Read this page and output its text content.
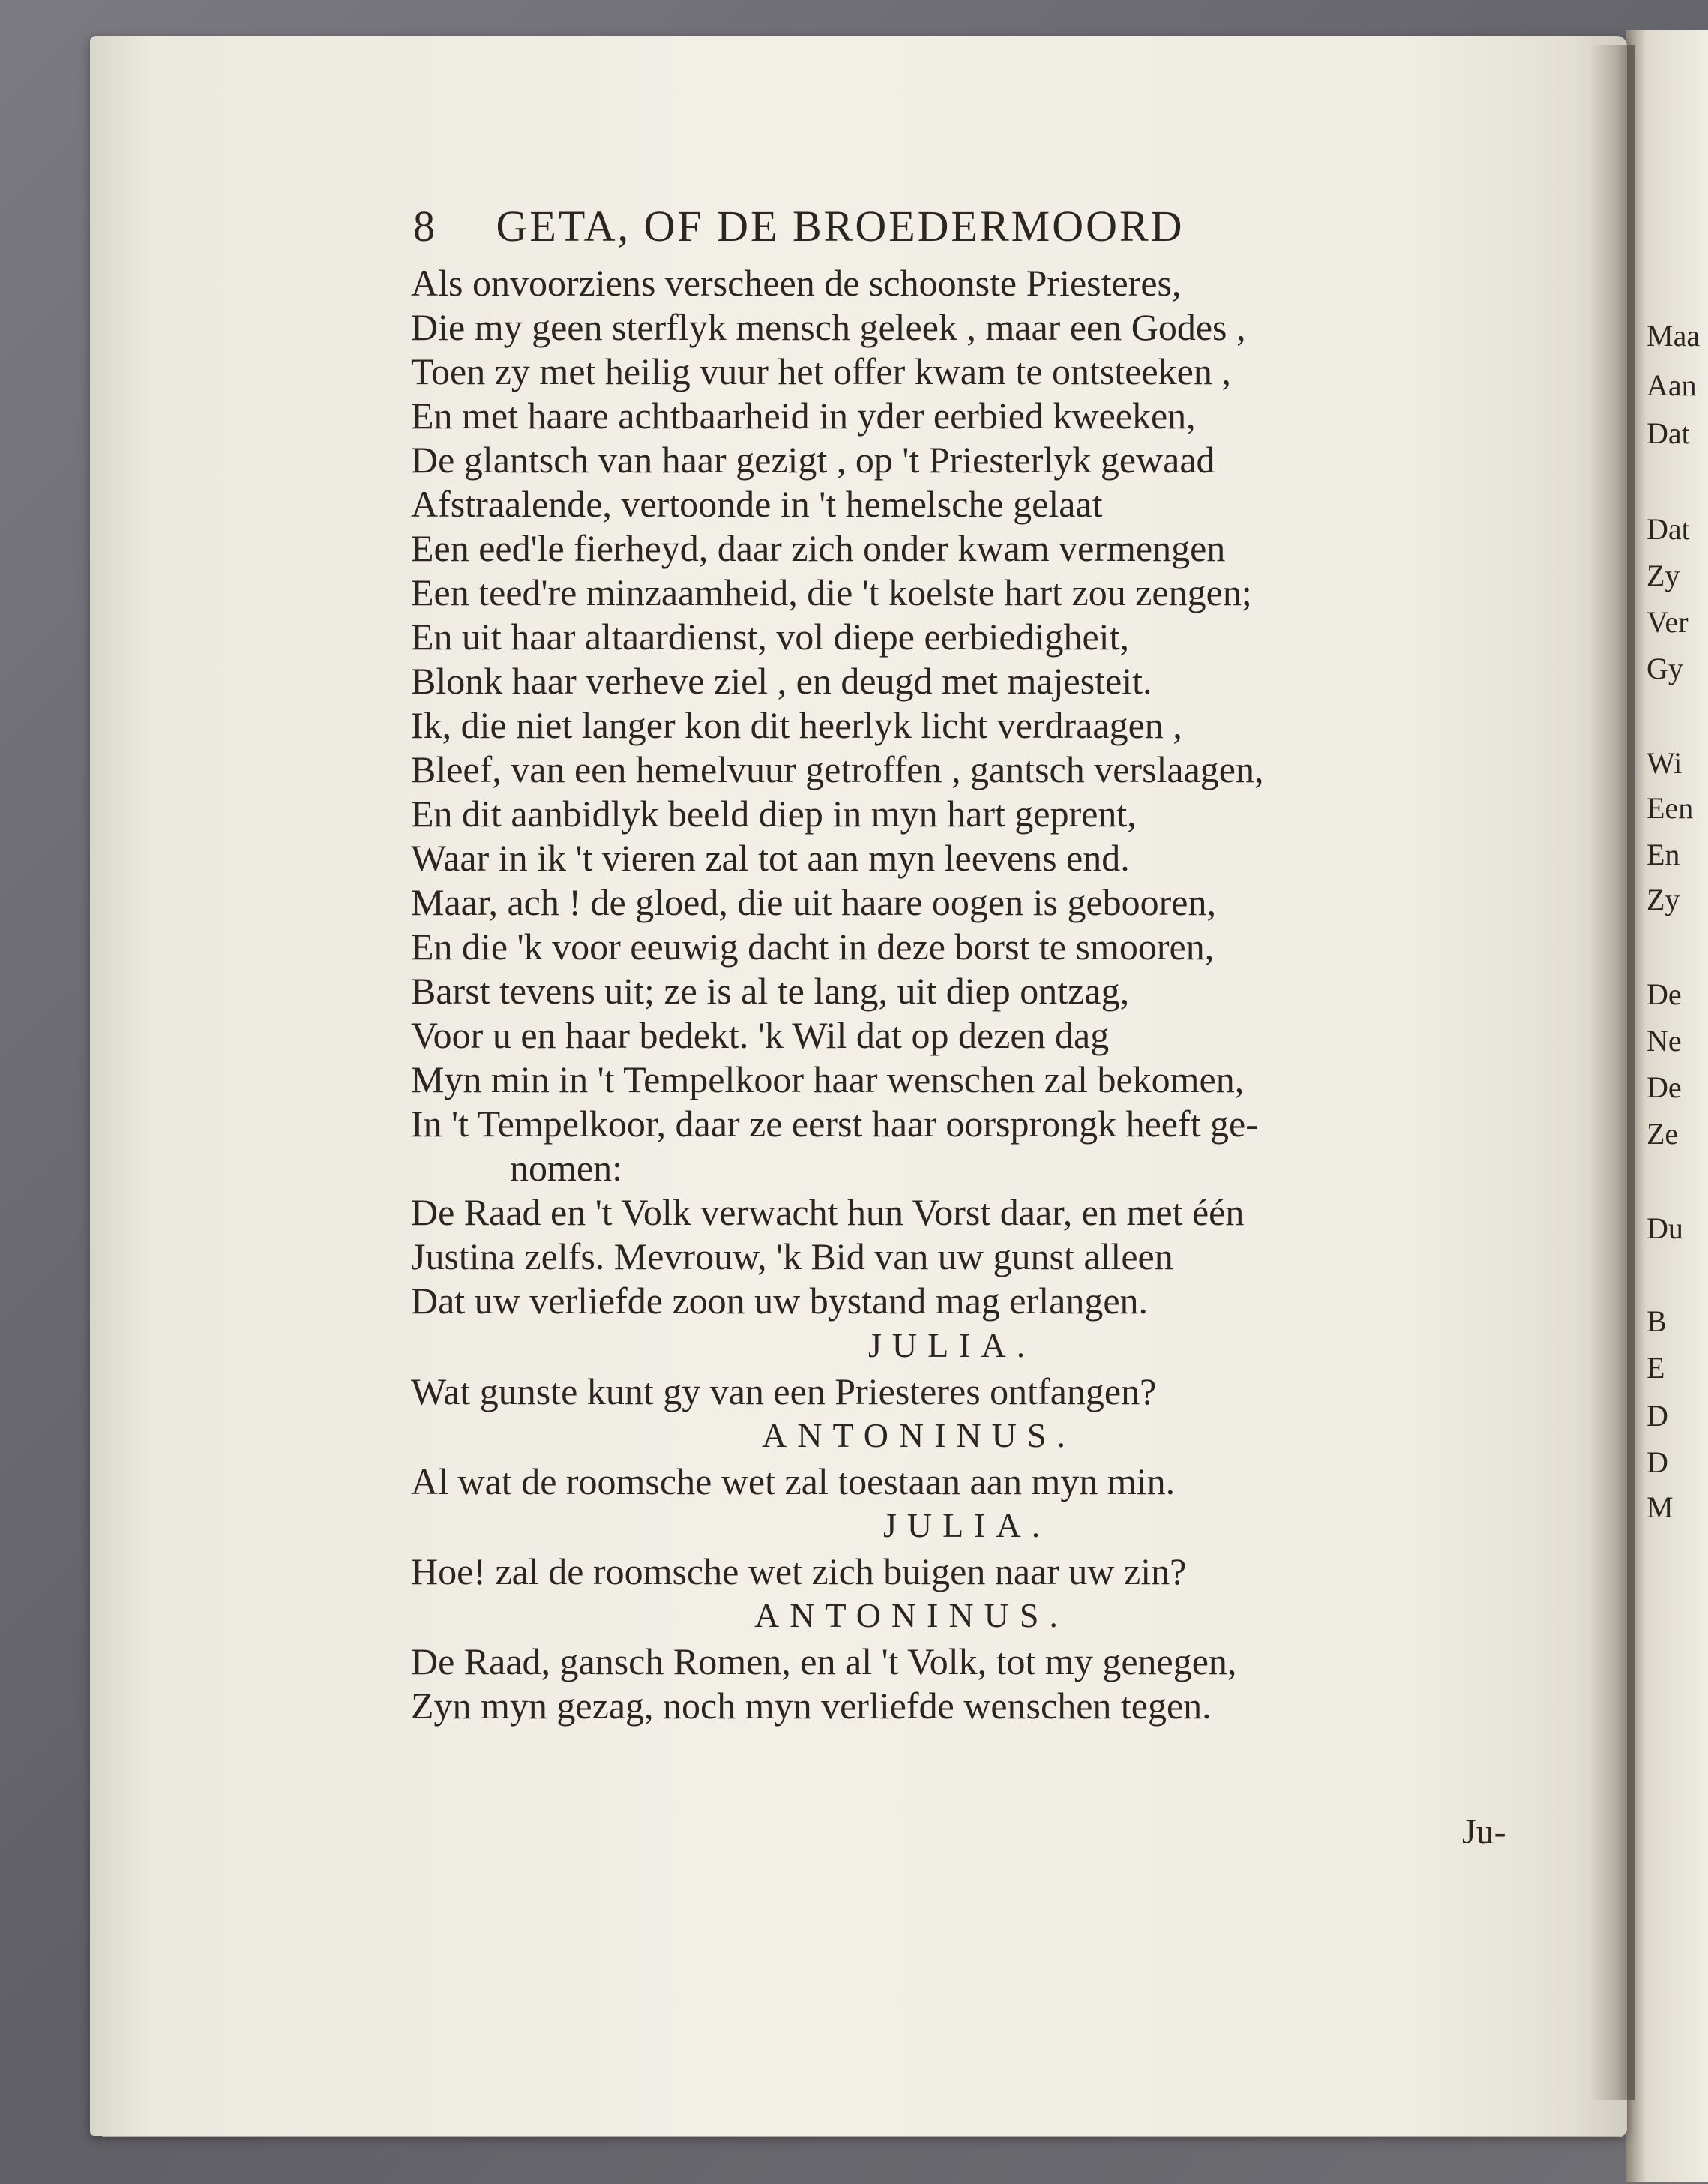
Maa
Aan
Dat
Dat
Zy
Ver
Gy
Wi
Een
En
Zy
De
Ne
De
Ze
Du
B
E
D
D
M
8 GETA, OF DE BROEDERMOORD
Als onvoorziens verscheen de schoonste Priesteres,
Die my geen sterflyk mensch geleek , maar een Godes ,
Toen zy met heilig vuur het offer kwam te ontsteeken ,
En met haare achtbaarheid in yder eerbied kweeken,
De glantsch van haar gezigt , op 't Priesterlyk gewaad
Afstraalende, vertoonde in 't hemelsche gelaat
Een eed'le fierheyd, daar zich onder kwam vermengen
Een teed're minzaamheid, die 't koelste hart zou zengen;
En uit haar altaardienst, vol diepe eerbiedigheit,
Blonk haar verheve ziel , en deugd met majesteit.
Ik, die niet langer kon dit heerlyk licht verdraagen ,
Bleef, van een hemelvuur getroffen , gantsch verslaagen,
En dit aanbidlyk beeld diep in myn hart geprent,
Waar in ik 't vieren zal tot aan myn leevens end.
Maar, ach ! de gloed, die uit haare oogen is gebooren,
En die 'k voor eeuwig dacht in deze borst te smooren,
Barst tevens uit; ze is al te lang, uit diep ontzag,
Voor u en haar bedekt. 'k Wil dat op dezen dag
Myn min in 't Tempelkoor haar wenschen zal bekomen,
In 't Tempelkoor, daar ze eerst haar oorsprongk heeft ge-
nomen:
De Raad en 't Volk verwacht hun Vorst daar, en met één
Justina zelfs. Mevrouw, 'k Bid van uw gunst alleen
Dat uw verliefde zoon uw bystand mag erlangen.
JULIA.
Wat gunste kunt gy van een Priesteres ontfangen?
ANTONINUS.
Al wat de roomsche wet zal toestaan aan myn min.
JULIA.
Hoe! zal de roomsche wet zich buigen naar uw zin?
ANTONINUS.
De Raad, gansch Romen, en al 't Volk, tot my genegen,
Zyn myn gezag, noch myn verliefde wenschen tegen.
Ju-
